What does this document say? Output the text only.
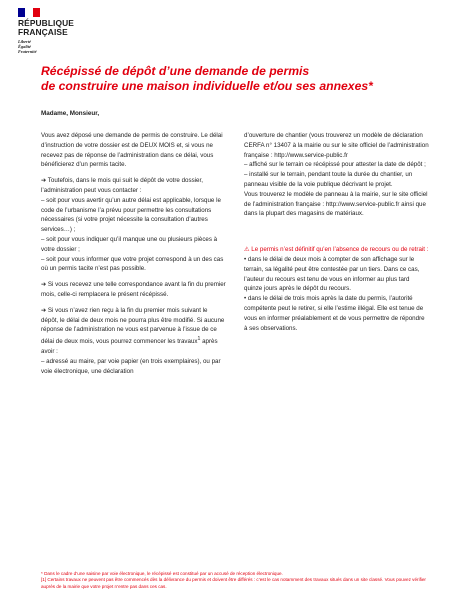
RÉPUBLIQUE
FRANÇAISE
Liberté
Égalité
Fraternité
Récépissé de dépôt d’une demande de permis
de construire une maison individuelle et/ou ses annexes*
Madame, Monsieur,

Vous avez déposé une demande de permis de construire. Le délai d’instruction de votre dossier est de DEUX MOIS et, si vous ne recevez pas de réponse de l’administration dans ce délai, vous bénéficierez d’un permis tacite.

➔ Toutefois, dans le mois qui suit le dépôt de votre dossier, l’administration peut vous contacter :
– soit pour vous avertir qu’un autre délai est applicable, lorsque le code de l’urbanisme l’a prévu pour permettre les consultations nécessaires (si votre projet nécessite la consultation d’autres services…) ;
– soit pour vous indiquer qu’il manque une ou plusieurs pièces à votre dossier ;
– soit pour vous informer que votre projet correspond à un des cas où un permis tacite n’est pas possible.

➔ Si vous recevez une telle correspondance avant la fin du premier mois, celle-ci remplacera le présent récépissé.

➔ Si vous n’avez rien reçu à la fin du premier mois suivant le dépôt, le délai de deux mois ne pourra plus être modifié. Si aucune réponse de l’administration ne vous est parvenue à l’issue de ce délai de deux mois, vous pourrez commencer les travaux$^1$ après avoir :
– adressé au maire, par voie papier (en trois exemplaires), ou par voie électronique, une déclaration

d’ouverture de chantier (vous trouverez un modèle de déclaration CERFA n° 13407 à la mairie ou sur le site officiel de l’administration française : http://www.service-public.fr
– affiché sur le terrain ce récépissé pour attester la date de dépôt ;
– installé sur le terrain, pendant toute la durée du chantier, un panneau visible de la voie publique décrivant le projet.
Vous trouverez le modèle de panneau à la mairie, sur le site officiel de l’administration française : http://www.service-public.fr ainsi que dans la plupart des magasins de matériaux.

⚠ Le permis n’est définitif qu’en l’absence de recours ou de retrait :
• dans le délai de deux mois à compter de son affichage sur le terrain, sa légalité peut être contestée par un tiers. Dans ce cas, l’auteur du recours est tenu de vous en informer au plus tard quinze jours après le dépôt du recours.
• dans le délai de trois mois après la date du permis, l’autorité compétente peut le retirer, si elle l’estime illégal. Elle est tenue de vous en informer préalablement et de vous permettre de répondre à ses observations.

* Dans le cadre d’une saisine par voie électronique, le récépissé est constitué par un accusé de réception électronique.
[1] Certains travaux ne peuvent pas être commencés dès la délivrance du permis et doivent être différés : c’est le cas notamment des travaux situés dans un site classé. Vous pouvez vérifier auprès de la mairie que votre projet n’entre pas dans ces cas.
